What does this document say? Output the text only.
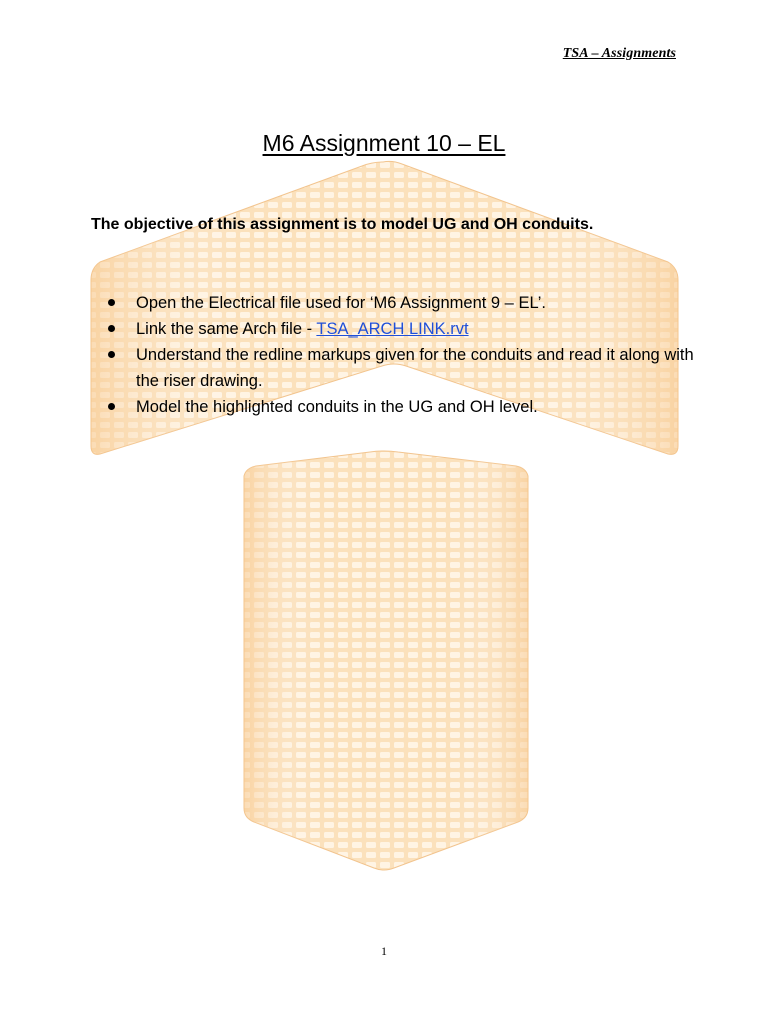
TSA – Assignments
M6 Assignment 10 – EL
The objective of this assignment is to model UG and OH conduits.
Open the Electrical file used for ‘M6 Assignment 9 – EL’.
Link the same Arch file - TSA_ARCH LINK.rvt
Understand the redline markups given for the conduits and read it along with the riser drawing.
Model the highlighted conduits in the UG and OH level.
1
